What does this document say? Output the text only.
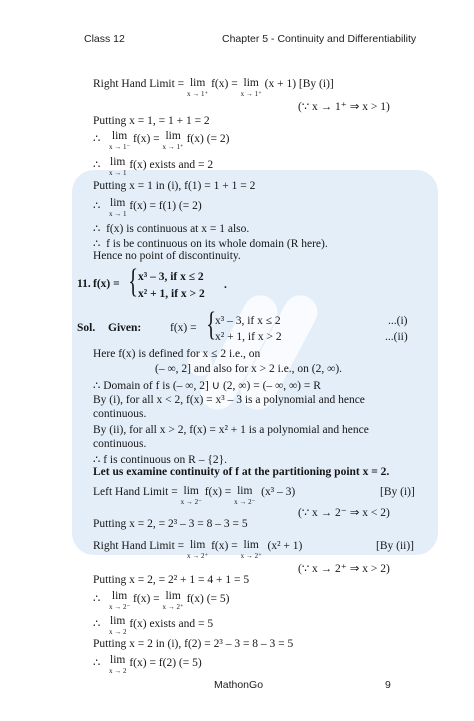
Class 12	Chapter 5 - Continuity and Differentiability
Right Hand Limit = lim
x → 1⁺
f(x) = lim
x → 1⁺
(x + 1) [By (i)]
(∵ x → 1⁺ ⇒ x > 1)
Putting x = 1, = 1 + 1 = 2
∴ lim
x → 1⁻
f(x) = lim
x → 1⁺
f(x) (= 2)
∴ lim
x → 1
f(x) exists and = 2
Putting x = 1 in (i), f(1) = 1 + 1 = 2
∴ lim
x → 1
f(x) = f(1) (= 2)
∴ f(x) is continuous at x = 1 also.
∴ f is be continuous on its whole domain (R here).
Hence no point of discontinuity.
11. f(x) = { x³ – 3, if x ≤ 2
x² + 1, if x > 2
.
Sol. Given:	f(x) = {
x³ – 3, if x ≤ 2
x² + 1, if x > 2
...(i)
...(ii)
Here f(x) is defined for x ≤ 2 i.e., on
(– ∞, 2] and also for x > 2 i.e., on (2, ∞).
∴ Domain of f is (– ∞, 2] ∪ (2, ∞) = (– ∞, ∞) = R
By (i), for all x < 2, f(x) = x³ – 3 is a polynomial and hence
continuous.
By (ii), for all x > 2, f(x) = x² + 1 is a polynomial and hence
continuous.
∴ f is continuous on R – {2}.
Let us examine continuity of f at the partitioning point x = 2.
Left Hand Limit = lim
x → 2⁻
f(x) = lim
x → 2⁻
(x³ – 3)	[By (i)]
(∵ x → 2⁻ ⇒ x < 2)
Putting x = 2, = 2³ – 3 = 8 – 3 = 5
Right Hand Limit = lim
x → 2⁺
f(x) = lim
x → 2⁺
(x² + 1)	[By (ii)]
(∵ x → 2⁺ ⇒ x > 2)
Putting x = 2, = 2² + 1 = 4 + 1 = 5
∴ lim
x → 2⁻
f(x) = lim
x → 2⁺
f(x) (= 5)
∴ lim
x → 2
f(x) exists and = 5
Putting x = 2 in (i), f(2) = 2³ – 3 = 8 – 3 = 5
∴ lim
x → 2
f(x) = f(2) (= 5)
MathonGo	9
